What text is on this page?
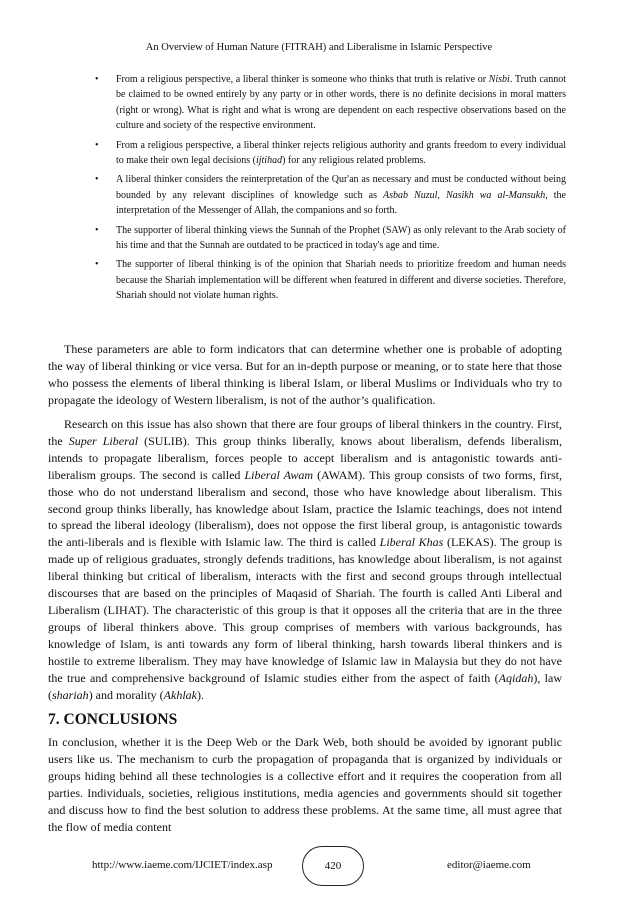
An Overview of Human Nature (FITRAH) and Liberalisme in Islamic Perspective
• From a religious perspective, a liberal thinker is someone who thinks that truth is relative or Nisbi. Truth cannot be claimed to be owned entirely by any party or in other words, there is no definite decisions in moral matters (right or wrong). What is right and what is wrong are dependent on each respective observations based on the culture and society of the respective environment.
• From a religious perspective, a liberal thinker rejects religious authority and grants freedom to every individual to make their own legal decisions (ijtihad) for any religious related problems.
• A liberal thinker considers the reinterpretation of the Qur'an as necessary and must be conducted without being bounded by any relevant disciplines of knowledge such as Asbab Nuzul, Nasikh wa al-Mansukh, the interpretation of the Messenger of Allah, the companions and so forth.
• The supporter of liberal thinking views the Sunnah of the Prophet (SAW) as only relevant to the Arab society of his time and that the Sunnah are outdated to be practiced in today's age and time.
• The supporter of liberal thinking is of the opinion that Shariah needs to prioritize freedom and human needs because the Shariah implementation will be different when featured in different and diverse societies. Therefore, Shariah should not violate human rights.

These parameters are able to form indicators that can determine whether one is probable of adopting the way of liberal thinking or vice versa. But for an in-depth purpose or meaning, or to state here that those who possess the elements of liberal thinking is liberal Islam, or liberal Muslims or Individuals who try to propagate the ideology of Western liberalism, is not of the author’s qualification.

Research on this issue has also shown that there are four groups of liberal thinkers in the country. First, the Super Liberal (SULIB). This group thinks liberally, knows about liberalism, defends liberalism, intends to propagate liberalism, forces people to accept liberalism and is antagonistic towards anti-liberalism groups. The second is called Liberal Awam (AWAM). This group consists of two forms, first, those who do not understand liberalism and second, those who have knowledge about liberalism. This second group thinks liberally, has knowledge about Islam, practice the Islamic teachings, does not intend to spread the liberal ideology (liberalism), does not oppose the first liberal group, is antagonistic towards the anti-liberals and is flexible with Islamic law. The third is called Liberal Khas (LEKAS). The group is made up of religious graduates, strongly defends traditions, has knowledge about liberalism, is not against liberal thinking but critical of liberalism, interacts with the first and second groups through intellectual discourses that are based on the principles of Maqasid of Shariah. The fourth is called Anti Liberal and Liberalism (LIHAT). The characteristic of this group is that it opposes all the criteria that are in the three groups of liberal thinkers above. This group comprises of members with various backgrounds, has knowledge of Islam, is anti towards any form of liberal thinking, harsh towards liberal thinkers and is hostile to extreme liberalism. They may have knowledge of Islamic law in Malaysia but they do not have the true and comprehensive background of Islamic studies either from the aspect of faith (Aqidah), law (shariah) and morality (Akhlak).

7. CONCLUSIONS

In conclusion, whether it is the Deep Web or the Dark Web, both should be avoided by ignorant public users like us. The mechanism to curb the propagation of propaganda that is organized by individuals or groups hiding behind all these technologies is a collective effort and it requires the cooperation from all parties. Individuals, societies, religious institutions, media agencies and governments should sit together and discuss how to find the best solution to address these problems. At the same time, all must agree that the flow of media content

http://www.iaeme.com/IJCIET/index.asp	420	editor@iaeme.com
